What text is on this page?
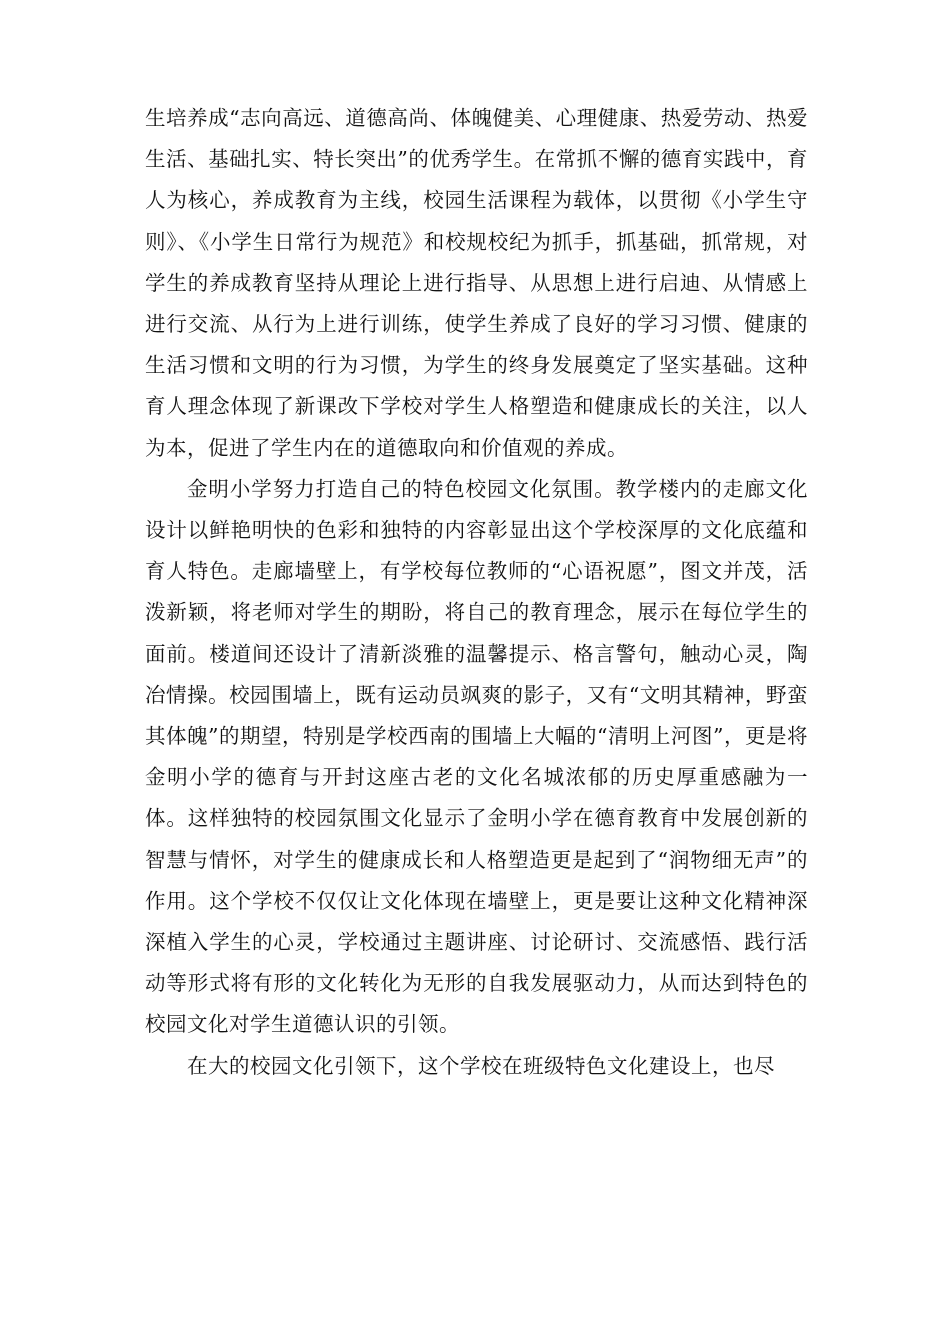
生培养成“志向高远、道德高尚、体魄健美、心理健康、热爱劳动、热爱生活、基础扎实、特长突出”的优秀学生。在常抓不懈的德育实践中，育人为核心，养成教育为主线，校园生活课程为载体，以贯彻《小学生守则》、《小学生日常行为规范》和校规校纪为抓手，抓基础，抓常规，对学生的养成教育坚持从理论上进行指导、从思想上进行启迪、从情感上进行交流、从行为上进行训练，使学生养成了良好的学习习惯、健康的生活习惯和文明的行为习惯，为学生的终身发展奠定了坚实基础。这种育人理念体现了新课改下学校对学生人格塑造和健康成长的关注，以人为本，促进了学生内在的道德取向和价值观的养成。

金明小学努力打造自己的特色校园文化氛围。教学楼内的走廊文化设计以鲜艳明快的色彩和独特的内容彰显出这个学校深厚的文化底蕴和育人特色。走廊墙壁上，有学校每位教师的“心语祝愿”，图文并茂，活泼新颖，将老师对学生的期盼，将自己的教育理念，展示在每位学生的面前。楼道间还设计了清新淡雅的温馨提示、格言警句，触动心灵，陶冶情操。校园围墙上，既有运动员飒爽的影子，又有“文明其精神，野蛮其体魄”的期望，特别是学校西南的围墙上大幅的“清明上河图”，更是将金明小学的德育与开封这座古老的文化名城浓郁的历史厚重感融为一体。这样独特的校园氛围文化显示了金明小学在德育教育中发展创新的智慧与情怀，对学生的健康成长和人格塑造更是起到了“润物细无声”的作用。这个学校不仅仅让文化体现在墙壁上，更是要让这种文化精神深深植入学生的心灵，学校通过主题讲座、讨论研讨、交流感悟、践行活动等形式将有形的文化转化为无形的自我发展驱动力，从而达到特色的校园文化对学生道德认识的引领。

在大的校园文化引领下，这个学校在班级特色文化建设上，也尽
